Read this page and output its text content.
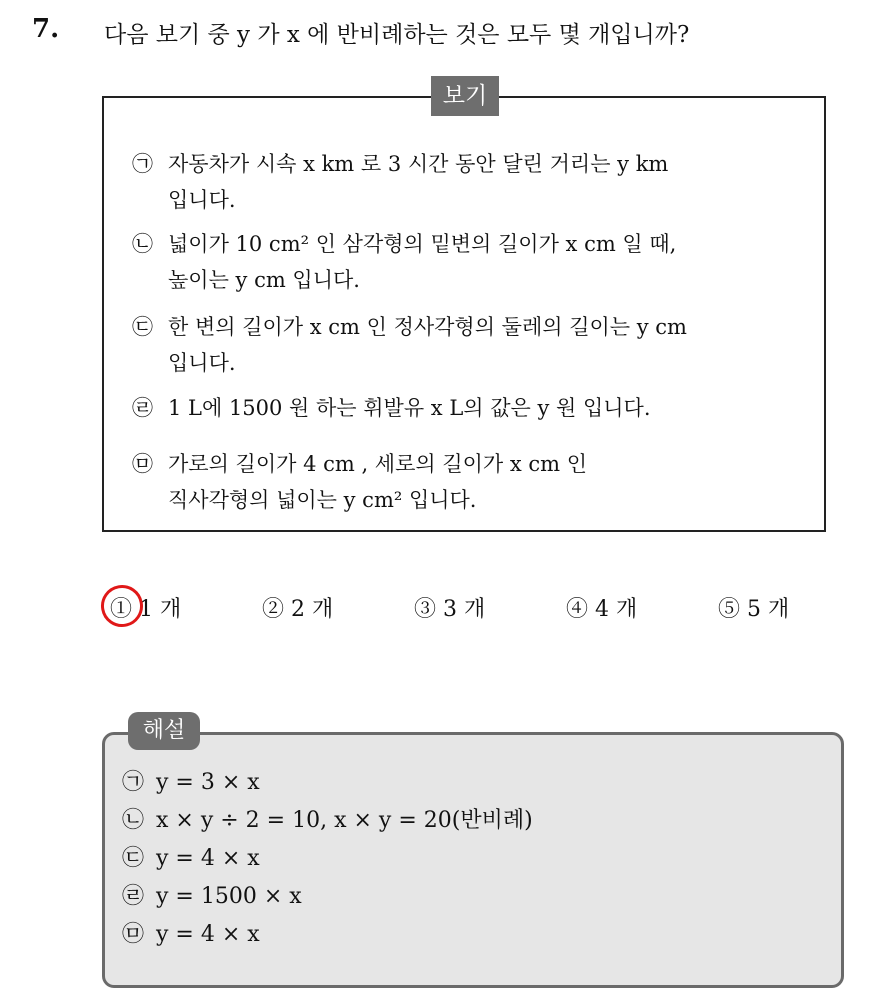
7. 다음 보기 중 y 가 x 에 반비례하는 것은 모두 몇 개입니까?
보기
㉠ 자동차가 시속 x km 로 3 시간 동안 달린 거리는 y km
입니다.
㉡ 넓이가 10 cm² 인 삼각형의 밑변의 길이가 x cm 일 때,
높이는 y cm 입니다.
㉢ 한 변의 길이가 x cm 인 정사각형의 둘레의 길이는 y cm
입니다.
㉣ 1 L에 1500 원 하는 휘발유 x L의 값은 y 원 입니다.
㉤ 가로의 길이가 4 cm , 세로의 길이가 x cm 인
직사각형의 넓이는 y cm² 입니다.
① 1 개	② 2 개	③ 3 개	④ 4 개	⑤ 5 개
해설
㉠ y = 3 × x
㉡ x × y ÷ 2 = 10, x × y = 20(반비례)
㉢ y = 4 × x
㉣ y = 1500 × x
㉤ y = 4 × x
